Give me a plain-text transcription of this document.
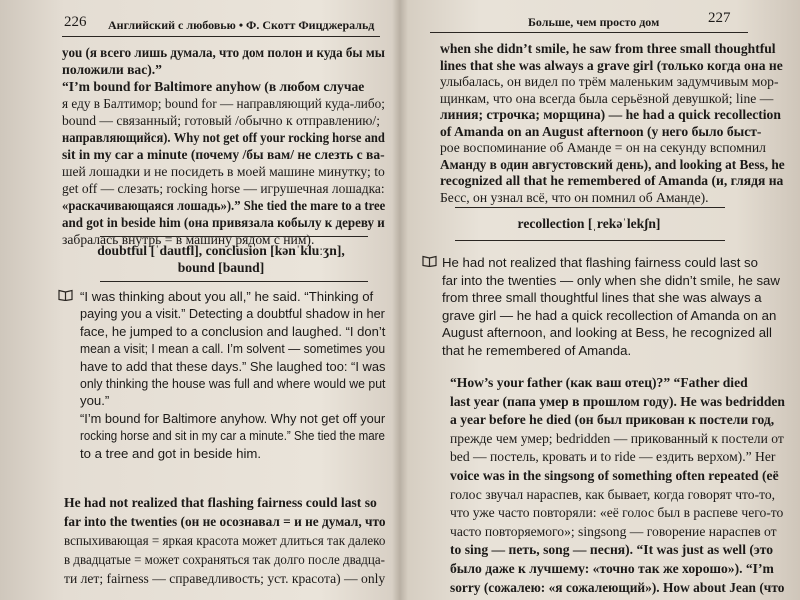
226 Английский с любовью • Ф. Скотт Фицджеральд
you (я всего лишь думала, что дом полон и куда бы мы
положили вас).”
“I’m bound for Baltimore anyhow (в любом случае
я еду в Балтимор; bound for — направляющий куда-либо;
bound — связанный; готовый /обычно к отправлению/;
направляющийся). Why not get off your rocking horse and
sit in my car a minute (почему /бы вам/ не слезть с ва-
шей лошадки и не посидеть в моей машине минутку; to
get off — слезать; rocking horse — игрушечная лошадка:
«раскачивающаяся лошадь»).” She tied the mare to a tree
and got in beside him (она привязала кобылу к дереву и
забралась внутрь = в машину рядом с ним).
doubtful [ˈdautfl], conclusion [kənˈkluːʒn],
bound [baund]
“I was thinking about you all,” he said. “Thinking of
paying you a visit.” Detecting a doubtful shadow in her
face, he jumped to a conclusion and laughed. “I don’t
mean a visit; I mean a call. I’m solvent — sometimes you
have to add that these days.” She laughed too: “I was
only thinking the house was full and where would we put
you.”
“I’m bound for Baltimore anyhow. Why not get off your
rocking horse and sit in my car a minute.” She tied the mare
to a tree and got in beside him.
He had not realized that flashing fairness could last so
far into the twenties (он не осознавал = и не думал, что
вспыхивающая = яркая красота может длиться так далеко
в двадцатые = может сохраняться так долго после двадца-
ти лет; fairness — справедливость; уст. красота) — only
Больше, чем просто дом	227
when she didn’t smile, he saw from three small thoughtful
lines that she was always a grave girl (только когда она не
улыбалась, он видел по трём маленьким задумчивым мор-
щинкам, что она всегда была серьёзной девушкой; line —
линия; строчка; морщина) — he had a quick recollection
of Amanda on an August afternoon (у него было быст-
рое воспоминание об Аманде = он на секунду вспомнил
Аманду в один августовский день), and looking at Bess, he
recognized all that he remembered of Amanda (и, глядя на
Бесс, он узнал всё, что он помнил об Аманде).
recollection [ˌrekəˈlekʃn]
He had not realized that flashing fairness could last so
far into the twenties — only when she didn’t smile, he saw
from three small thoughtful lines that she was always a
grave girl — he had a quick recollection of Amanda on an
August afternoon, and looking at Bess, he recognized all
that he remembered of Amanda.
“How’s your father (как ваш отец)?” “Father died
last year (папа умер в прошлом году). He was bedridden
a year before he died (он был прикован к постели год,
прежде чем умер; bedridden — прикованный к постели от
bed — постель, кровать и to ride — ездить верхом).” Her
voice was in the singsong of something often repeated (её
голос звучал нараспев, как бывает, когда говорят что-то,
что уже часто повторяли: «её голос был в распеве чего-то
часто повторяемого»; singsong — говорение нараспев от
to sing — петь, song — песня). “It was just as well (это
было даже к лучшему: «точно так же хорошо»). “I’m
sorry (сожалею: «я сожалеющий»). How about Jean (что
